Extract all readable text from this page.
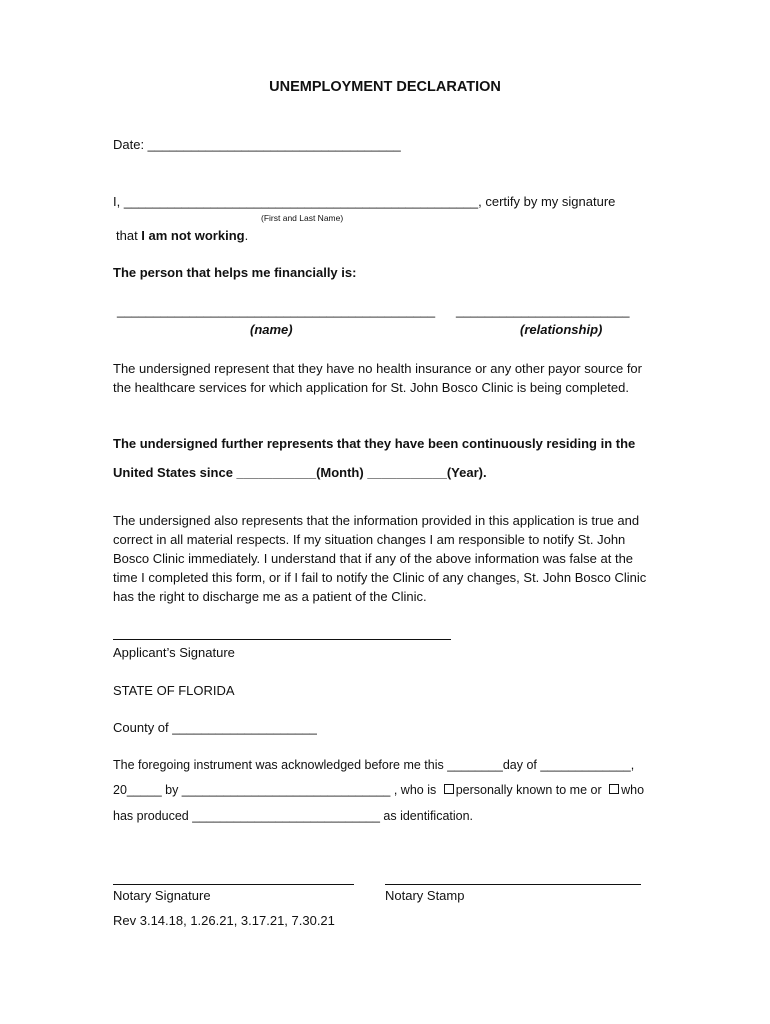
UNEMPLOYMENT DECLARATION
Date: ___________________________________
I, _________________________________________________, certify by my signature
(First and Last Name)
that I am not working.
The person that helps me financially is:
____________________________________________ ________________________
(name)	(relationship)
The undersigned represent that they have no health insurance or any other payor source for the healthcare services for which application for St. John Bosco Clinic is being completed.
The undersigned further represents that they have been continuously residing in the
United States since ___________(Month) ___________(Year).
The undersigned also represents that the information provided in this application is true and correct in all material respects. If my situation changes I am responsible to notify St. John Bosco Clinic immediately. I understand that if any of the above information was false at the time I completed this form, or if I fail to notify the Clinic of any changes, St. John Bosco Clinic has the right to discharge me as a patient of the Clinic.
Applicant’s Signature
STATE OF FLORIDA
County of ____________________
The foregoing instrument was acknowledged before me this ________day of _____________,
20_____ by ______________________________ , who is personally known to me or who
has produced ___________________________ as identification.
Notary Signature	Notary Stamp
Rev 3.14.18, 1.26.21, 3.17.21, 7.30.21
